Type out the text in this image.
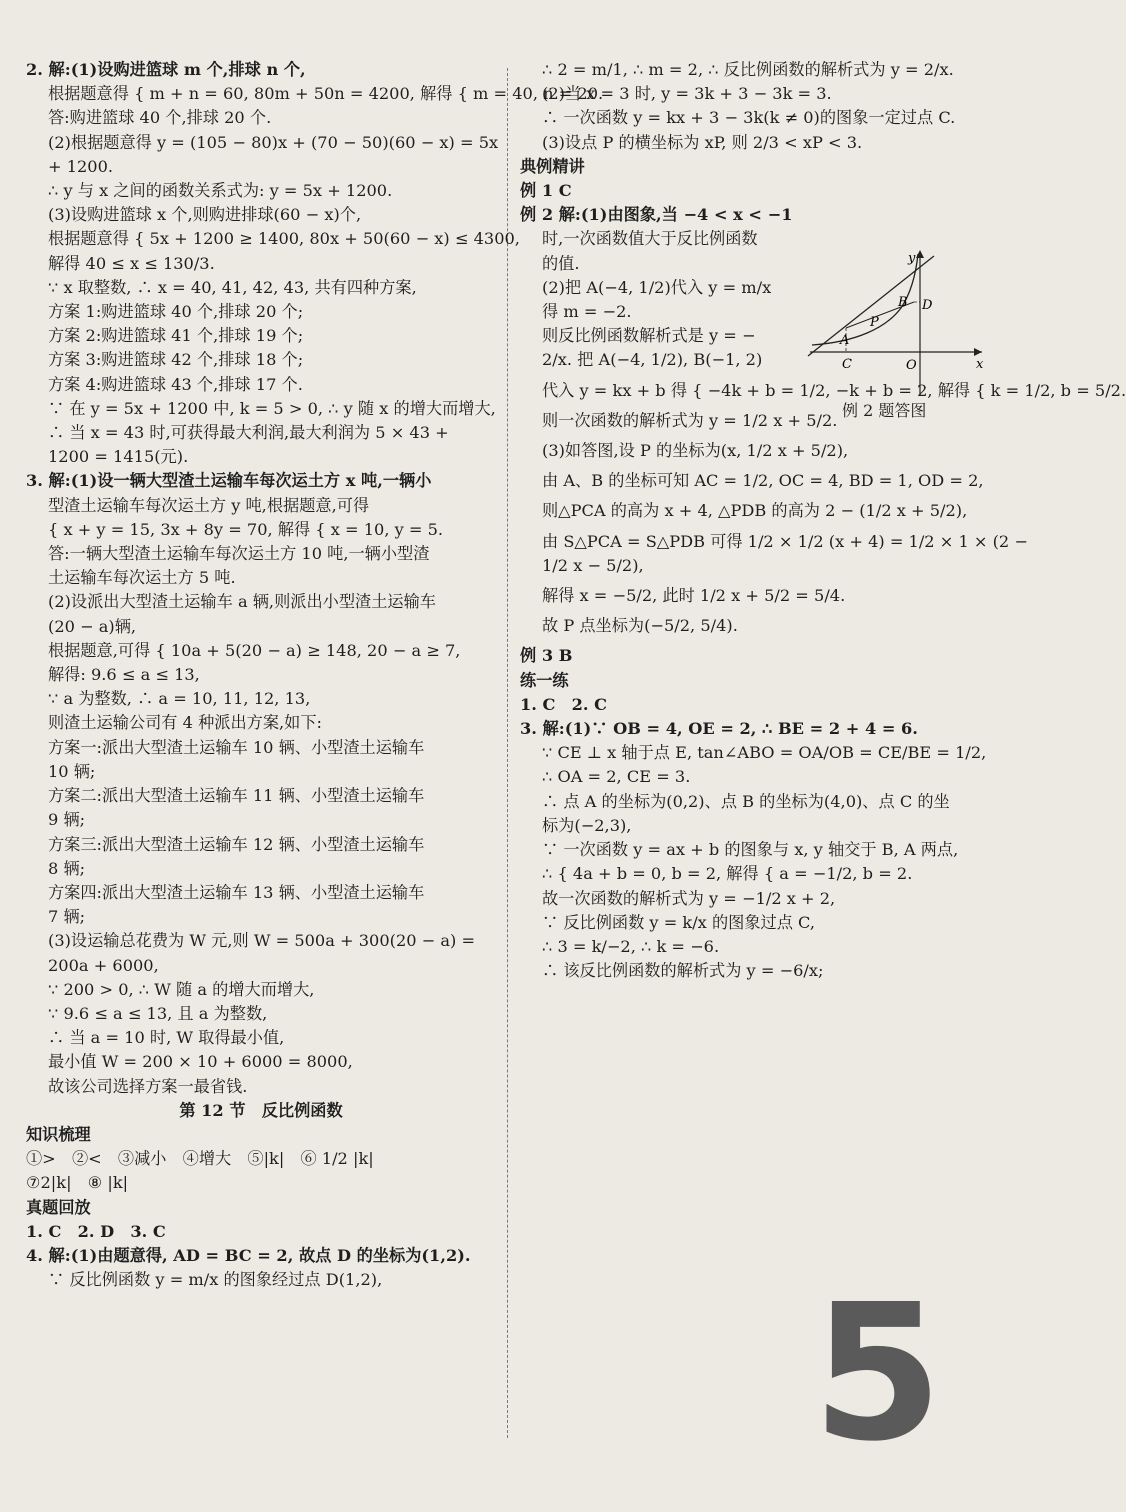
2. 解:(1)设购进篮球 m 个,排球 n 个,
根据题意得 { m + n = 60, 80m + 50n = 4200, 解得 { m = 40, n = 20.
答:购进篮球 40 个,排球 20 个.
(2)根据题意得 y = (105 − 80)x + (70 − 50)(60 − x) = 5x
+ 1200.
∴ y 与 x 之间的函数关系式为: y = 5x + 1200.
(3)设购进篮球 x 个,则购进排球(60 − x)个,
根据题意得 { 5x + 1200 ≥ 1400, 80x + 50(60 − x) ≤ 4300,
解得 40 ≤ x ≤ 130/3.
∵ x 取整数, ∴ x = 40, 41, 42, 43, 共有四种方案,
方案 1:购进篮球 40 个,排球 20 个;
方案 2:购进篮球 41 个,排球 19 个;
方案 3:购进篮球 42 个,排球 18 个;
方案 4:购进篮球 43 个,排球 17 个.
∵ 在 y = 5x + 1200 中, k = 5 > 0, ∴ y 随 x 的增大而增大,
∴ 当 x = 43 时,可获得最大利润,最大利润为 5 × 43 +
1200 = 1415(元).
3. 解:(1)设一辆大型渣土运输车每次运土方 x 吨,一辆小
型渣土运输车每次运土方 y 吨,根据题意,可得
{ x + y = 15, 3x + 8y = 70, 解得 { x = 10, y = 5.
答:一辆大型渣土运输车每次运土方 10 吨,一辆小型渣
土运输车每次运土方 5 吨.
(2)设派出大型渣土运输车 a 辆,则派出小型渣土运输车
(20 − a)辆,
根据题意,可得 { 10a + 5(20 − a) ≥ 148, 20 − a ≥ 7,
解得: 9.6 ≤ a ≤ 13,
∵ a 为整数, ∴ a = 10, 11, 12, 13,
则渣土运输公司有 4 种派出方案,如下:
方案一:派出大型渣土运输车 10 辆、小型渣土运输车
10 辆;
方案二:派出大型渣土运输车 11 辆、小型渣土运输车
9 辆;
方案三:派出大型渣土运输车 12 辆、小型渣土运输车
8 辆;
方案四:派出大型渣土运输车 13 辆、小型渣土运输车
7 辆;
(3)设运输总花费为 W 元,则 W = 500a + 300(20 − a) =
200a + 6000,
∵ 200 > 0, ∴ W 随 a 的增大而增大,
∵ 9.6 ≤ a ≤ 13, 且 a 为整数,
∴ 当 a = 10 时, W 取得最小值,
最小值 W = 200 × 10 + 6000 = 8000,
故该公司选择方案一最省钱.
第 12 节　反比例函数
知识梳理
①>　②<　③减小　④增大　⑤|k|　⑥ 1/2 |k|
⑦2|k|　⑧ |k|
真题回放
1. C　2. D　3. C
4. 解:(1)由题意得, AD = BC = 2, 故点 D 的坐标为(1,2).
∵ 反比例函数 y = m/x 的图象经过点 D(1,2),
∴ 2 = m/1, ∴ m = 2, ∴ 反比例函数的解析式为 y = 2/x.
(2)当 x = 3 时, y = 3k + 3 − 3k = 3.
∴ 一次函数 y = kx + 3 − 3k(k ≠ 0)的图象一定过点 C.
(3)设点 P 的横坐标为 xP, 则 2/3 < xP < 3.
典例精讲
例 1 C
例 2 解:(1)由图象,当 −4 < x < −1
时,一次函数值大于反比例函数
的值.
(2)把 A(−4, 1/2)代入 y = m/x
得 m = −2.
则反比例函数解析式是 y = −
2/x. 把 A(−4, 1/2), B(−1, 2)
代入 y = kx + b 得 { −4k + b = 1/2, −k + b = 2, 解得 { k = 1/2, b = 5/2.
则一次函数的解析式为 y = 1/2 x + 5/2.
(3)如答图,设 P 的坐标为(x, 1/2 x + 5/2),
由 A、B 的坐标可知 AC = 1/2, OC = 4, BD = 1, OD = 2,
则△PCA 的高为 x + 4, △PDB 的高为 2 − (1/2 x + 5/2),
由 S△PCA = S△PDB 可得 1/2 × 1/2 (x + 4) = 1/2 × 1 × (2 −
1/2 x − 5/2),
解得 x = −5/2, 此时 1/2 x + 5/2 = 5/4.
故 P 点坐标为(−5/2, 5/4).
例 3 B
练一练
1. C　2. C
3. 解:(1)∵ OB = 4, OE = 2, ∴ BE = 2 + 4 = 6.
∵ CE ⊥ x 轴于点 E, tan∠ABO = OA/OB = CE/BE = 1/2,
∴ OA = 2, CE = 3.
∴ 点 A 的坐标为(0,2)、点 B 的坐标为(4,0)、点 C 的坐
标为(−2,3),
∵ 一次函数 y = ax + b 的图象与 x, y 轴交于 B, A 两点,
∴ { 4a + b = 0, b = 2, 解得 { a = −1/2, b = 2.
故一次函数的解析式为 y = −1/2 x + 2,
∵ 反比例函数 y = k/x 的图象过点 C,
∴ 3 = k/−2, ∴ k = −6.
∴ 该反比例函数的解析式为 y = −6/x;
y
x
O
A
C
B D
P
例 2 题答图
5
